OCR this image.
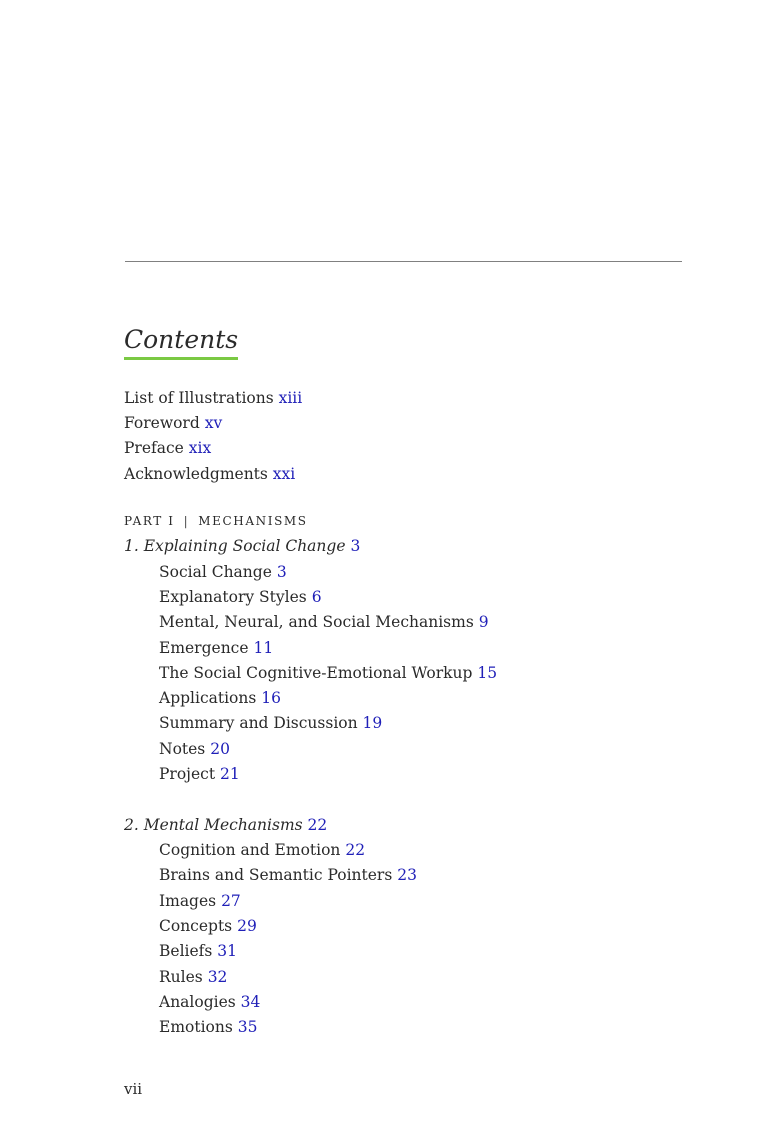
Contents
List of Illustrations xiii
Foreword xv
Preface xix
Acknowledgments xxi
PART I | MECHANISMS
1. Explaining Social Change 3
Social Change 3
Explanatory Styles 6
Mental, Neural, and Social Mechanisms 9
Emergence 11
The Social Cognitive-Emotional Workup 15
Applications 16
Summary and Discussion 19
Notes 20
Project 21
2. Mental Mechanisms 22
Cognition and Emotion 22
Brains and Semantic Pointers 23
Images 27
Concepts 29
Beliefs 31
Rules 32
Analogies 34
Emotions 35
vii
